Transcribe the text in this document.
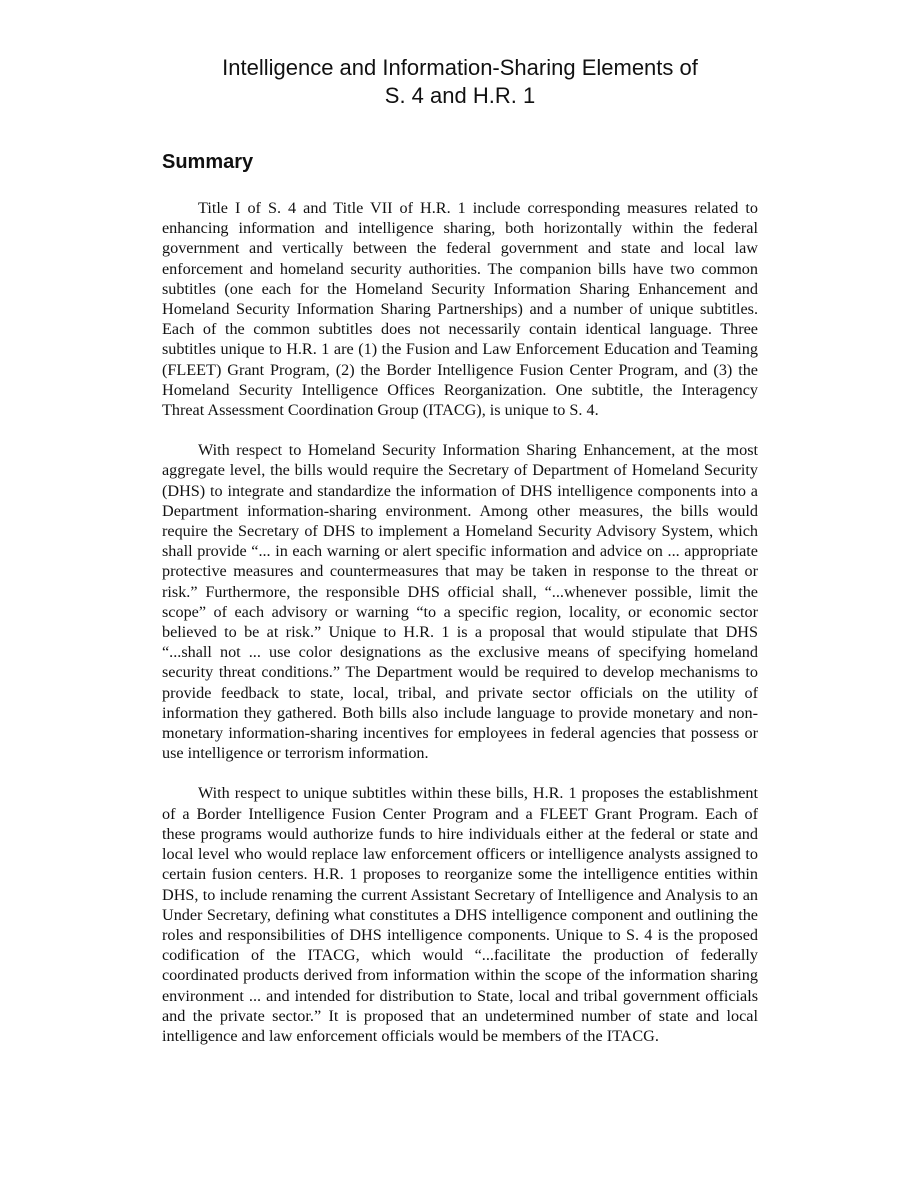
Intelligence and Information-Sharing Elements of
S. 4 and H.R. 1
Summary

Title I of S. 4 and Title VII of H.R. 1 include corresponding measures related to enhancing information and intelligence sharing, both horizontally within the federal government and vertically between the federal government and state and local law enforcement and homeland security authorities. The companion bills have two common subtitles (one each for the Homeland Security Information Sharing Enhancement and Homeland Security Information Sharing Partnerships) and a number of unique subtitles. Each of the common subtitles does not necessarily contain identical language. Three subtitles unique to H.R. 1 are (1) the Fusion and Law Enforcement Education and Teaming (FLEET) Grant Program, (2) the Border Intelligence Fusion Center Program, and (3) the Homeland Security Intelligence Offices Reorganization. One subtitle, the Interagency Threat Assessment Coordination Group (ITACG), is unique to S. 4.

With respect to Homeland Security Information Sharing Enhancement, at the most aggregate level, the bills would require the Secretary of Department of Homeland Security (DHS) to integrate and standardize the information of DHS intelligence components into a Department information-sharing environment. Among other measures, the bills would require the Secretary of DHS to implement a Homeland Security Advisory System, which shall provide “... in each warning or alert specific information and advice on ... appropriate protective measures and countermeasures that may be taken in response to the threat or risk.” Furthermore, the responsible DHS official shall, “...whenever possible, limit the scope” of each advisory or warning “to a specific region, locality, or economic sector believed to be at risk.” Unique to H.R. 1 is a proposal that would stipulate that DHS “...shall not ... use color designations as the exclusive means of specifying homeland security threat conditions.” The Department would be required to develop mechanisms to provide feedback to state, local, tribal, and private sector officials on the utility of information they gathered. Both bills also include language to provide monetary and non-monetary information-sharing incentives for employees in federal agencies that possess or use intelligence or terrorism information.

With respect to unique subtitles within these bills, H.R. 1 proposes the establishment of a Border Intelligence Fusion Center Program and a FLEET Grant Program. Each of these programs would authorize funds to hire individuals either at the federal or state and local level who would replace law enforcement officers or intelligence analysts assigned to certain fusion centers. H.R. 1 proposes to reorganize some the intelligence entities within DHS, to include renaming the current Assistant Secretary of Intelligence and Analysis to an Under Secretary, defining what constitutes a DHS intelligence component and outlining the roles and responsibilities of DHS intelligence components. Unique to S. 4 is the proposed codification of the ITACG, which would “...facilitate the production of federally coordinated products derived from information within the scope of the information sharing environment ... and intended for distribution to State, local and tribal government officials and the private sector.” It is proposed that an undetermined number of state and local intelligence and law enforcement officials would be members of the ITACG.
